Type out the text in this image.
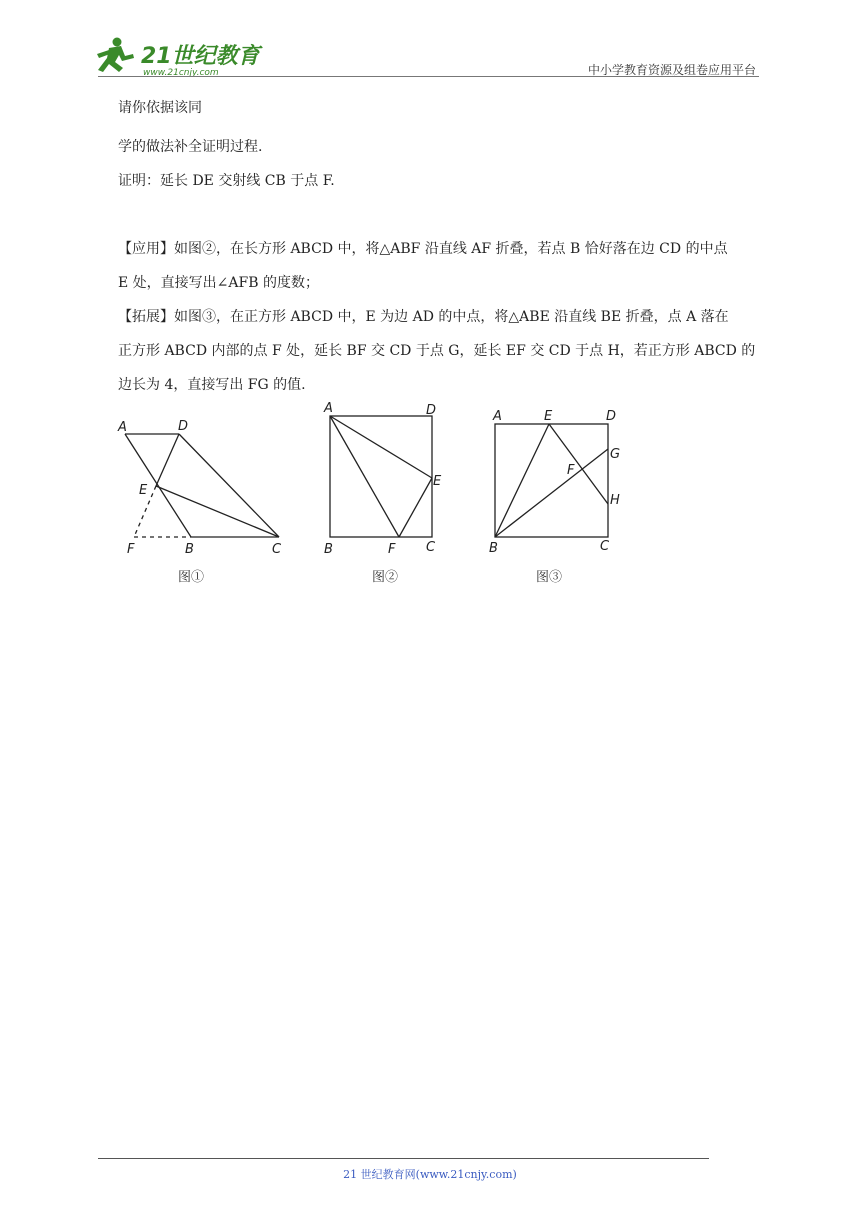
21世纪教育
www.21cnjy.com	中小学教育资源及组卷应用平台
请你依据该同
学的做法补全证明过程.
证明：延长 DE 交射线 CB 于点 F.
【应用】如图②，在长方形 ABCD 中，将△ABF 沿直线 AF 折叠，若点 B 恰好落在边 CD 的中点
E 处，直接写出∠AFB 的度数；
【拓展】如图③，在正方形 ABCD 中，E 为边 AD 的中点，将△ABE 沿直线 BE 折叠，点 A 落在
正方形 ABCD 内部的点 F 处，延长 BF 交 CD 于点 G，延长 EF 交 CD 于点 H，若正方形 ABCD 的
边长为 4，直接写出 FG 的值.
A	D
E
F	B	C
图①
A	D
E
B	F C
图②
A	E	D
G
F
H
B	C
图③
21 世纪教育网(www.21cnjy.com)
